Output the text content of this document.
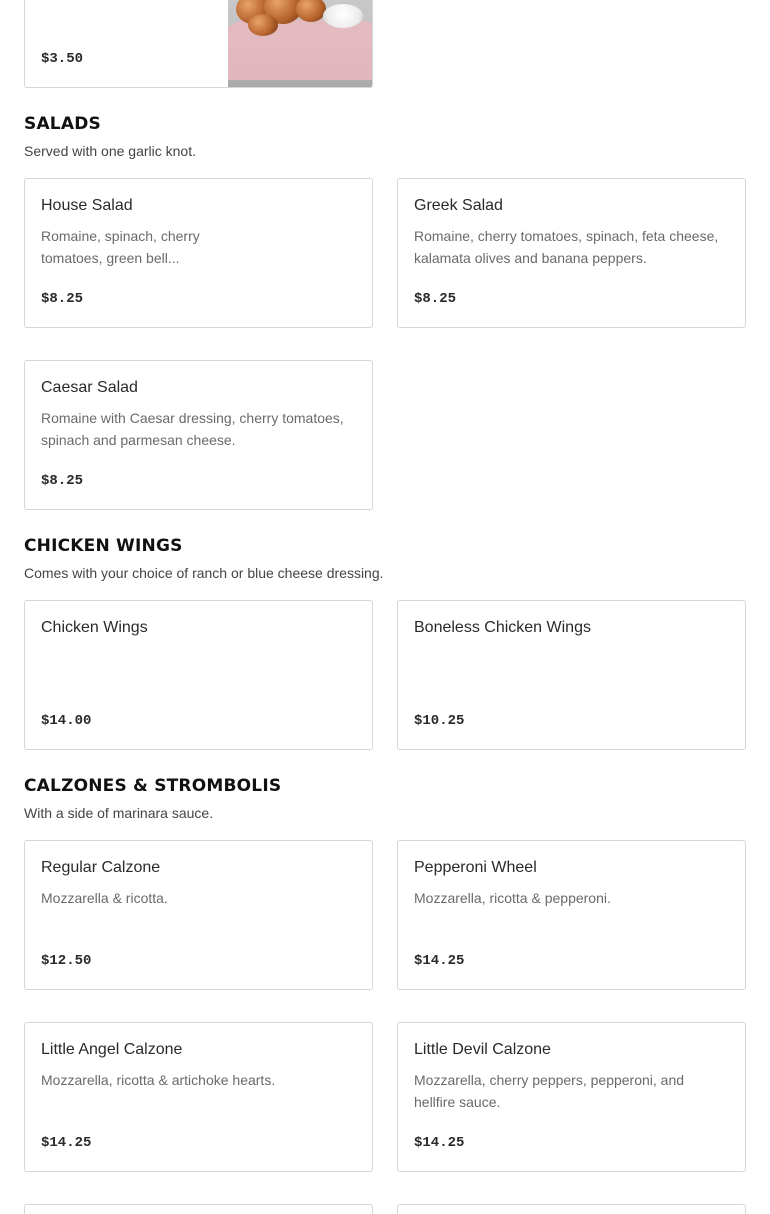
$3.50
SALADS
Served with one garlic knot.
House Salad
Romaine, spinach, cherry tomatoes, green bell...
$8.25
Greek Salad
Romaine, cherry tomatoes, spinach, feta cheese, kalamata olives and banana peppers.
$8.25
Caesar Salad
Romaine with Caesar dressing, cherry tomatoes, spinach and parmesan cheese.
$8.25
CHICKEN WINGS
Comes with your choice of ranch or blue cheese dressing.
Chicken Wings
$14.00
Boneless Chicken Wings
$10.25
CALZONES & STROMBOLIS
With a side of marinara sauce.
Regular Calzone
Mozzarella & ricotta.
$12.50
Pepperoni Wheel
Mozzarella, ricotta & pepperoni.
$14.25
Little Angel Calzone
Mozzarella, ricotta & artichoke hearts.
$14.25
Little Devil Calzone
Mozzarella, cherry peppers, pepperoni, and hellfire sauce.
$14.25
